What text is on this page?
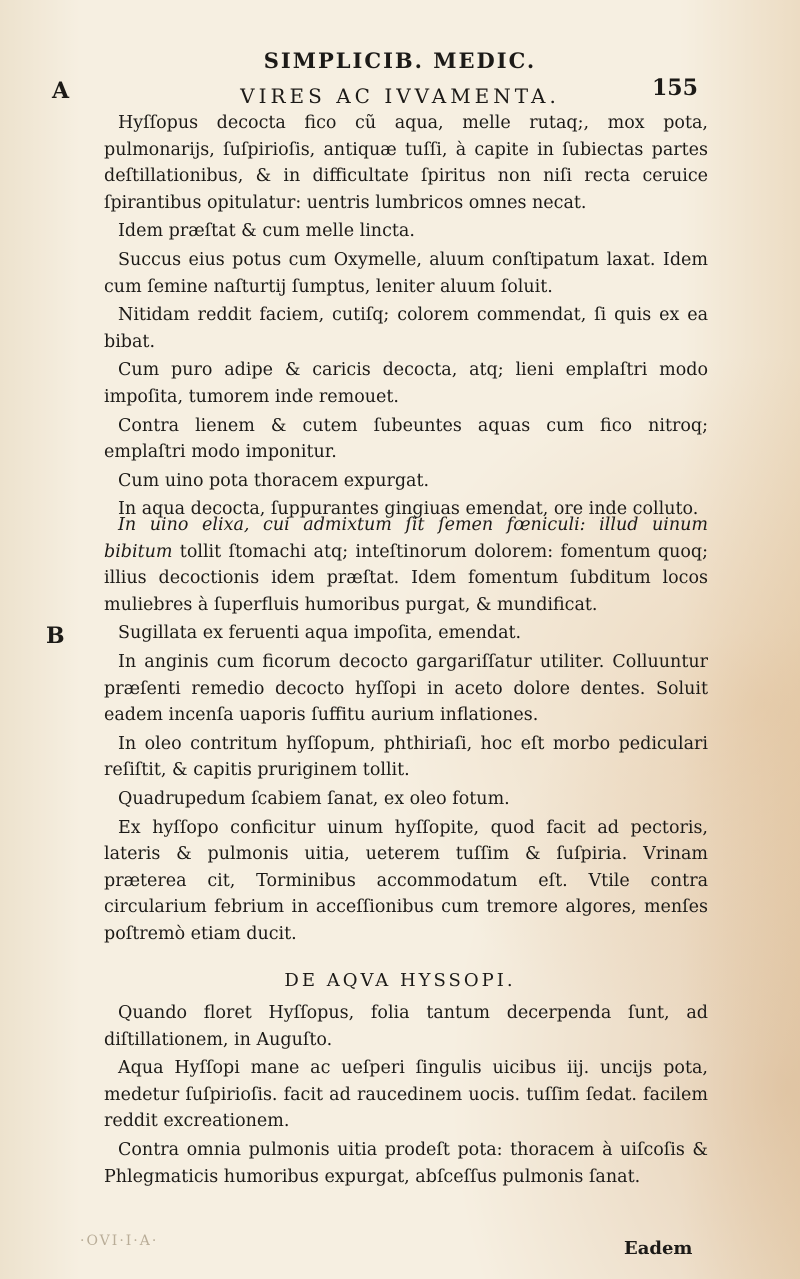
SIMPLICIB. MEDIC.
VIRES AC IVVAMENTA.	155
A
B

Hyſſopus decocta fico cũ aqua, melle rutaq;, mox pota, pulmonarijs, ſuſpirioſis, antiquæ tuſſi, à capite in ſubiectas partes deſtillationibus, & in difficultate ſpiritus non niſi recta ceruice ſpirantibus opitulatur: uentris lumbricos omnes necat.

Idem præſtat & cum melle lincta.

Succus eius potus cum Oxymelle, aluum conſtipatum laxat. Idem cum ſemine naſturtij ſumptus, leniter aluum ſoluit.

Nitidam reddit faciem, cutiſq; colorem commendat, ſi quis ex ea bibat.

Cum puro adipe & caricis decocta, atq; lieni emplaſtri modo impoſita, tumorem inde remouet.

Contra lienem & cutem ſubeuntes aquas cum fico nitroq; emplaſtri modo imponitur.

Cum uino pota thoracem expurgat.

In aqua decocta, ſuppurantes gingiuas emendat, ore inde colluto.

In uino elixa, cui admixtum ſit ſemen fœniculi: illud uinum bibitum tollit ſtomachi atq; inteſtinorum dolorem: fomentum quoq; illius decoctionis idem præſtat. Idem fomentum ſubditum locos muliebres à ſuperfluis humoribus purgat, & mundificat.

Sugillata ex feruenti aqua impoſita, emendat.

In anginis cum ficorum decocto gargariſſatur utiliter. Colluuntur præſenti remedio decocto hyſſopi in aceto dolore dentes. Soluit eadem incenſa uaporis ſuffitu aurium inflationes.

In oleo contritum hyſſopum, phthiriaſi, hoc eſt morbo pediculari reſiſtit, & capitis pruriginem tollit.

Quadrupedum ſcabiem ſanat, ex oleo fotum.

Ex hyſſopo conficitur uinum hyſſopite, quod facit ad pectoris, lateris & pulmonis uitia, ueterem tuſſim & ſuſpiria. Vrinam præterea cit, Torminibus accommodatum eſt. Vtile contra circularium febrium in acceſſionibus cum tremore algores, menſes poſtremò etiam ducit.

DE AQVA HYSSOPI.

Quando floret Hyſſopus, folia tantum decerpenda ſunt, ad diſtillationem, in Auguſto.

Aqua Hyſſopi mane ac ueſperi ſingulis uicibus iij. uncijs pota, medetur ſuſpirioſis. facit ad raucedinem uocis. tuſſim ſedat. facilem reddit excreationem.

Contra omnia pulmonis uitia prodeſt pota: thoracem à uiſcoſis & Phlegmaticis humoribus expurgat, abſceſſus pulmonis ſanat.

·OVI·I·A·	Eadem
